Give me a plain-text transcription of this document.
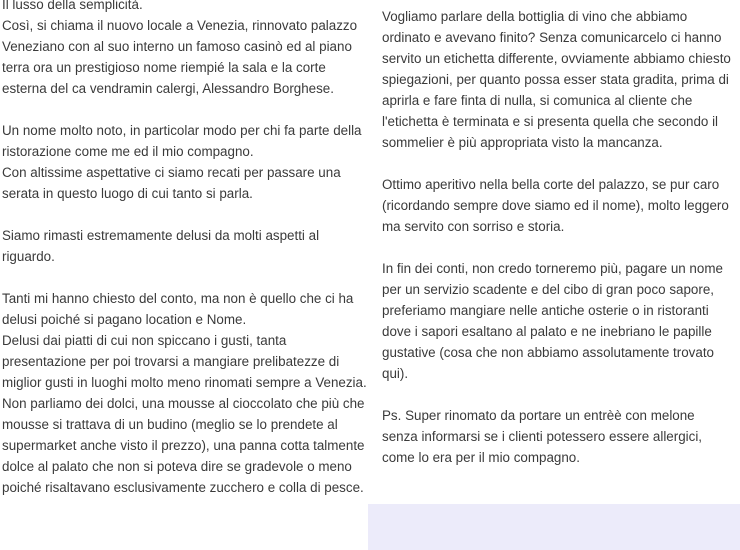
Il lusso della semplicità.
Così, si chiama il nuovo locale a Venezia, rinnovato palazzo Veneziano con al suo interno un famoso casinò ed al piano terra ora un prestigioso nome riempié la sala e la corte esterna del ca vendramin calergi, Alessandro Borghese.

Un nome molto noto, in particolar modo per chi fa parte della ristorazione come me ed il mio compagno.
Con altissime aspettative ci siamo recati per passare una serata in questo luogo di cui tanto si parla.

Siamo rimasti estremamente delusi da molti aspetti al riguardo.

Tanti mi hanno chiesto del conto, ma non è quello che ci ha delusi poiché si pagano location e Nome.
Delusi dai piatti di cui non spiccano i gusti, tanta presentazione per poi trovarsi a mangiare prelibatezze di miglior gusti in luoghi molto meno rinomati sempre a Venezia. Non parliamo dei dolci, una mousse al cioccolato che più che mousse si trattava di un budino (meglio se lo prendete al supermarket anche visto il prezzo), una panna cotta talmente dolce al palato che non si poteva dire se gradevole o meno poiché risaltavano esclusivamente zucchero e colla di pesce.

Vogliamo parlare della bottiglia di vino che abbiamo ordinato e avevano finito? Senza comunicarcelo ci hanno servito un etichetta differente, ovviamente abbiamo chiesto spiegazioni, per quanto possa esser stata gradita, prima di aprirla e fare finta di nulla, si comunica al cliente che l'etichetta è terminata e si presenta quella che secondo il sommelier è più appropriata visto la mancanza.

Ottimo aperitivo nella bella corte del palazzo, se pur caro (ricordando sempre dove siamo ed il nome), molto leggero ma servito con sorriso e storia.

In fin dei conti, non credo torneremo più, pagare un nome per un servizio scadente e del cibo di gran poco sapore, preferiamo mangiare nelle antiche osterie o in ristoranti dove i sapori esaltano al palato e ne inebriano le papille gustative (cosa che non abbiamo assolutamente trovato qui).

Ps. Super rinomato da portare un entrèè con melone senza informarsi se i clienti potessero essere allergici, come lo era per il mio compagno.
